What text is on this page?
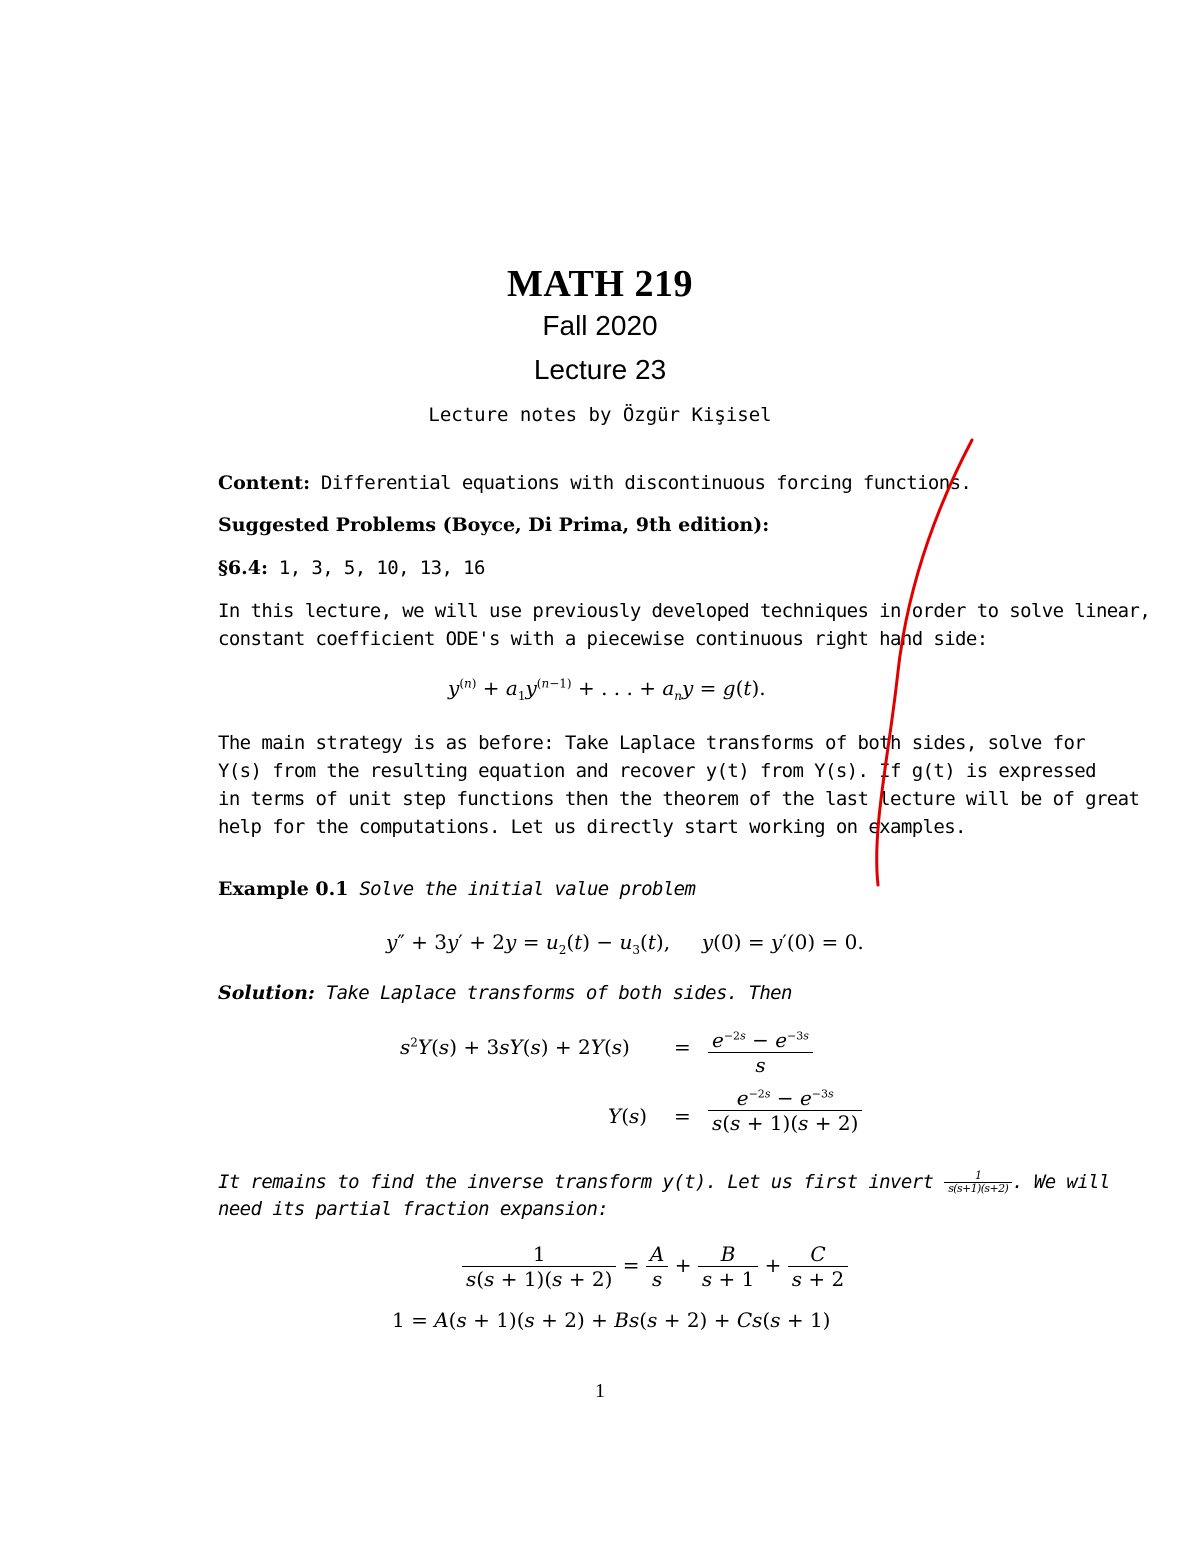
MATH 219
Fall 2020
Lecture 23
Lecture notes by Özgür Kişisel
Content: Differential equations with discontinuous forcing functions.
Suggested Problems (Boyce, Di Prima, 9th edition):
§6.4: 1, 3, 5, 10, 13, 16
In this lecture, we will use previously developed techniques in order to solve linear,
constant coefficient ODE's with a piecewise continuous right hand side:
$y^{(n)} + a_1y^{(n-1)}$ + . . . + $a_ny = g(t)$.
The main strategy is as before: Take Laplace transforms of both sides, solve for
Y(s) from the resulting equation and recover y(t) from Y(s). If g(t) is expressed
in terms of unit step functions then the theorem of the last lecture will be of great
help for the computations. Let us directly start working on examples.
Example 0.1 Solve the initial value problem
$y'' + 3y' + 2y = u_2(t) - u_3(t)$,     y(0) = y′(0) = 0.
Solution: Take Laplace transforms of both sides. Then
$s^2Y(s) + 3sY(s) + 2Y(s) = \frac{e^{-2s} - e^{-3s}}{s}$
$Y(s) = \frac{e^{-2s} - e^{-3s}}{s(s + 1)(s + 2)}$
It remains to find the inverse transform y(t). Let us first invert $\frac{1}{s(s+1)(s+2)}$ . We will
need its partial fraction expansion:
$\frac{1}{s(s + 1)(s + 2)} = \frac{A}{s} + \frac{B}{s + 1} + \frac{C}{s + 2}$
1 = A(s + 1)(s + 2) + Bs(s + 2) + Cs(s + 1)
1
